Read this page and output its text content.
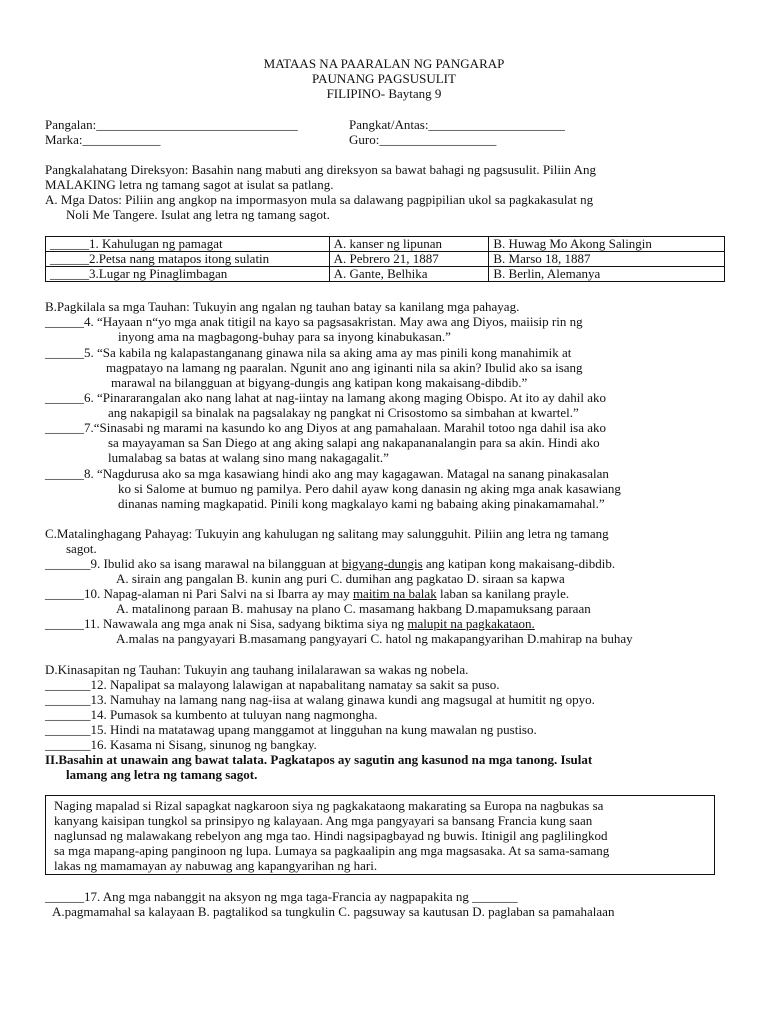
MATAAS NA PAARALAN NG PANGARAP
PAUNANG PAGSUSULIT
FILIPINO- Baytang 9
Pangalan:_______________________________	Pangkat/Antas:_____________________
Marka:____________	Guro:__________________
Pangkalahatang Direksyon: Basahin nang mabuti ang direksyon sa bawat bahagi ng pagsusulit. Piliin Ang
MALAKING letra ng tamang sagot at isulat sa patlang.
A. Mga Datos: Piliin ang angkop na impormasyon mula sa dalawang pagpipilian ukol sa pagkakasulat ng
Noli Me Tangere. Isulat ang letra ng tamang sagot.
______1. Kahulugan ng pamagat	A. kanser ng lipunan	B. Huwag Mo Akong Salingin
______2.Petsa nang matapos itong sulatin	A. Pebrero 21, 1887	B. Marso 18, 1887
______3.Lugar ng Pinaglimbagan	A. Gante, Belhika	B. Berlin, Alemanya
B.Pagkilala sa mga Tauhan: Tukuyin ang ngalan ng tauhan batay sa kanilang mga pahayag.
______4. “Hayaan n“yo mga anak titigil na kayo sa pagsasakristan. May awa ang Diyos, maiisip rin ng
inyong ama na magbagong-buhay para sa inyong kinabukasan.”
______5. “Sa kabila ng kalapastanganang ginawa nila sa aking ama ay mas pinili kong manahimik at
magpatayo na lamang ng paaralan. Ngunit ano ang iginanti nila sa akin? Ibulid ako sa isang
marawal na bilangguan at bigyang-dungis ang katipan kong makaisang-dibdib.”
______6. “Pinararangalan ako nang lahat at nag-iintay na lamang akong maging Obispo. At ito ay dahil ako
ang nakapigil sa binalak na pagsalakay ng pangkat ni Crisostomo sa simbahan at kwartel.”
______7.“Sinasabi ng marami na kasundo ko ang Diyos at ang pamahalaan. Marahil totoo nga dahil isa ako
sa mayayaman sa San Diego at ang aking salapi ang nakapananalangin para sa akin. Hindi ako
lumalabag sa batas at walang sino mang nakagagalit.”
______8. “Nagdurusa ako sa mga kasawiang hindi ako ang may kagagawan. Matagal na sanang pinakasalan
ko si Salome at bumuo ng pamilya. Pero dahil ayaw kong danasin ng aking mga anak kasawiang
dinanas naming magkapatid. Pinili kong magkalayo kami ng babaing aking pinakamamahal.”
C.Matalinghagang Pahayag: Tukuyin ang kahulugan ng salitang may salungguhit. Piliin ang letra ng tamang
sagot.
_______9. Ibulid ako sa isang marawal na bilangguan at bigyang-dungis ang katipan kong makaisang-dibdib.
A. sirain ang pangalan B. kunin ang puri C. dumihan ang pagkatao D. siraan sa kapwa
______10. Napag-alaman ni Pari Salvi na si Ibarra ay may maitim na balak laban sa kanilang prayle.
A. matalinong paraan B. mahusay na plano C. masamang hakbang D.mapamuksang paraan
______11. Nawawala ang mga anak ni Sisa, sadyang biktima siya ng malupit na pagkakataon.
A.malas na pangyayari B.masamang pangyayari C. hatol ng makapangyarihan D.mahirap na buhay
D.Kinasapitan ng Tauhan: Tukuyin ang tauhang inilalarawan sa wakas ng nobela.
_______12. Napalipat sa malayong lalawigan at napabalitang namatay sa sakit sa puso.
_______13. Namuhay na lamang nang nag-iisa at walang ginawa kundi ang magsugal at humitit ng opyo.
_______14. Pumasok sa kumbento at tuluyan nang nagmongha.
_______15. Hindi na matatawag upang manggamot at lingguhan na kung mawalan ng pustiso.
_______16. Kasama ni Sisang, sinunog ng bangkay.
II.Basahin at unawain ang bawat talata. Pagkatapos ay sagutin ang kasunod na mga tanong. Isulat
lamang ang letra ng tamang sagot.
Naging mapalad si Rizal sapagkat nagkaroon siya ng pagkakataong makarating sa Europa na nagbukas sa
kanyang kaisipan tungkol sa prinsipyo ng kalayaan. Ang mga pangyayari sa bansang Francia kung saan
naglunsad ng malawakang rebelyon ang mga tao. Hindi nagsipagbayad ng buwis. Itinigil ang paglilingkod
sa mga mapang-aping panginoon ng lupa. Lumaya sa pagkaalipin ang mga magsasaka. At sa sama-samang
lakas ng mamamayan ay nabuwag ang kapangyarihan ng hari.
______17. Ang mga nabanggit na aksyon ng mga taga-Francia ay nagpapakita ng _______
A.pagmamahal sa kalayaan B. pagtalikod sa tungkulin C. pagsuway sa kautusan D. paglaban sa pamahalaan
